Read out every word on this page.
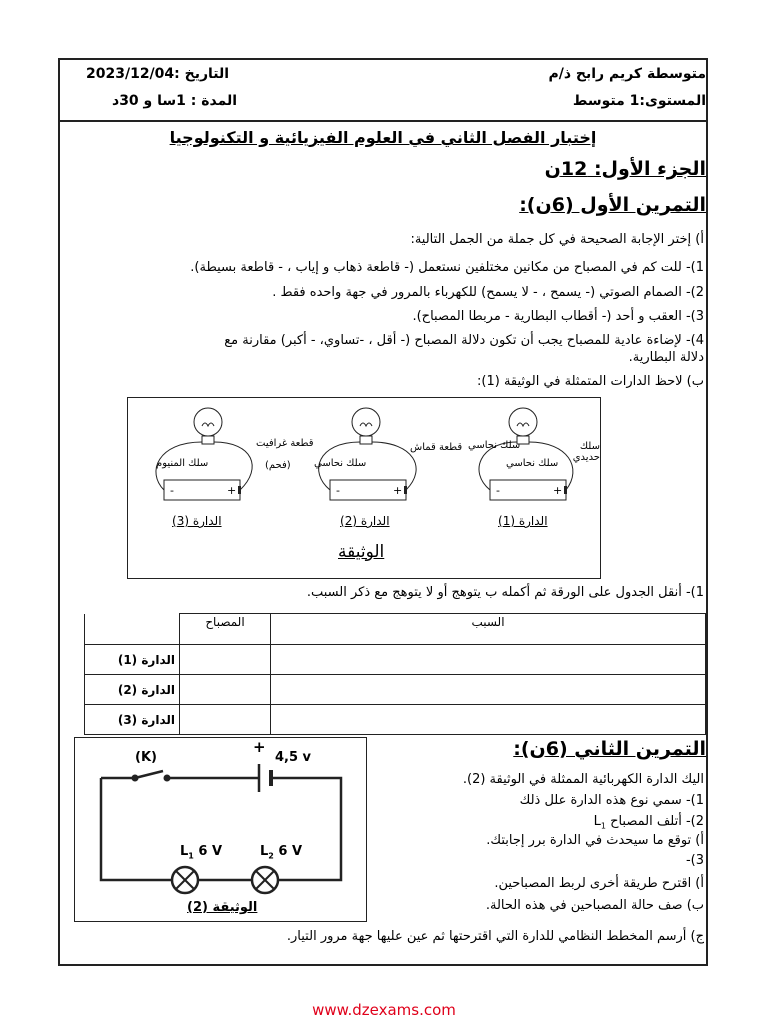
متوسطة كريم رابح ذ/م
المستوى:1 متوسط
التاريخ :2023/12/04
المدة : 1سا و 30د
إختبار الفصل الثاني في العلوم الفيزيائية و التكنولوجيا
الجزء الأول: 12ن
التمرين الأول (6ن):
أ) إختر الإجابة الصحيحة في كل جملة من الجمل التالية:
1)- للت كم في المصباح من مكانين مختلفين نستعمل (- قاطعة ذهاب و إياب ، - قاطعة بسيطة).
2)- الصمام الصوتي (- يسمح ، - لا يسمح) للكهرباء بالمرور في جهة واحده فقط .
3)- العقب و أحد (- أقطاب البطارية - مربطا المصباح).
4)- لإضاءة عادية للمصباح يجب أن تكون دلالة المصباح (- أقل ، -تساوي، - أكبر) مقارنة مع
دلالة البطارية.
ب) لاحظ الدارات المتمثلة في الوثيقة (1):
-	+
-	+
-	+
سلك حديدي
سلك نحاسي
سلك نحاسي
قطعة قماش
سلك نحاسي
قطعة غرافيت
(فحم)
سلك المنيوم
الدارة (1)
الدارة (2)
الدارة (3)
الوثيقة
1)- أنقل الجدول على الورقة ثم أكمله ب يتوهج أو لا يتوهج مع ذكر السبب.
	المصباح	السبب
الدارة (1)		
الدارة (2)		
الدارة (3)		
التمرين الثاني (6ن):
اليك الدارة الكهربائية الممثلة في الوثيقة (2).
1)- سمي نوع هذه الدارة علل ذلك
2)- أتلف المصباح $L_1$
أ) توقع ما سيحدث في الدارة برر إجابتك.
3)-
أ) اقترح طريقة أخرى لربط المصباحين.
ب) صف حالة المصباحين في هذه الحالة.
ج) أرسم المخطط النظامي للدارة التي اقترحتها ثم عين عليها جهة مرور التيار.
(K)
+
4,5 v
$L_1$ 6 V	$L_2$ 6 V
الوثيقة (2)
www.dzexams.com
